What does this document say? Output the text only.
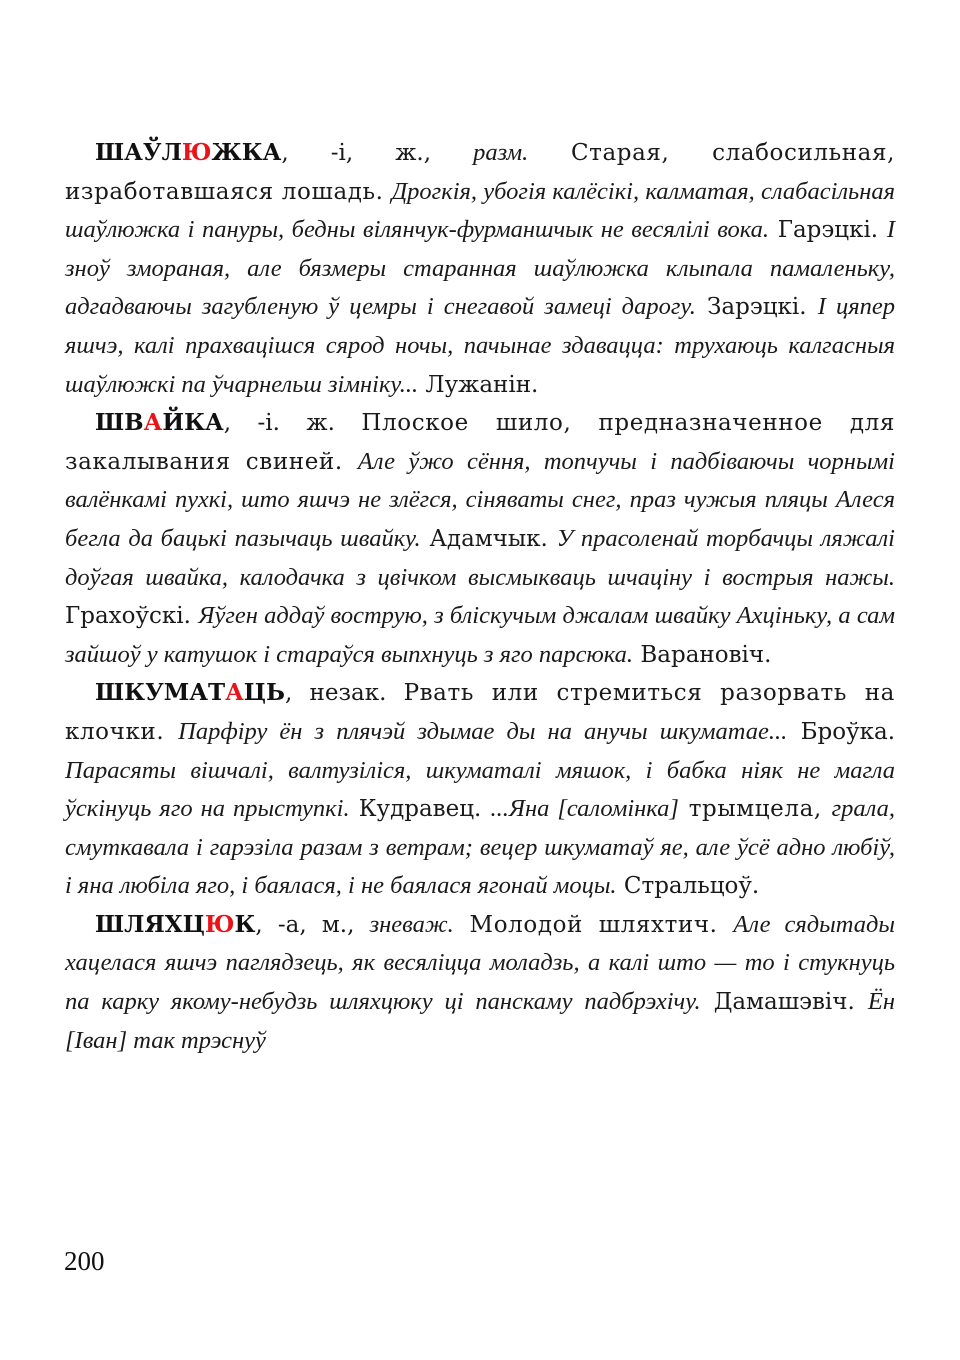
ШАЎЛЮЖКА, -і, ж., разм. Старая, слабосильная, изработавшаяся лошадь. Дрогкія, убогія калёсікі, калматая, слабасільная шаўлюжка і пануры, бедны вілянчук-фурманшчык не весялілі вока. Гарэцкі. І зноў змораная, але бязмеры старанная шаўлюжка клыпала памаленьку, адгадваючы загубленую ў цемры і снегавой замеці дарогу. Зарэцкі. І цяпер яшчэ, калі прахвацішся сярод ночы, пачынае здавацца: трухаюць калгасныя шаўлюжкі па ўчарнельш зімніку... Лужанін.

ШВАЙКА, -і. ж. Плоское шило, предназначенное для закалывания свиней. Але ўжо сёння, топчучы і падбіваючы чорнымі валёнкамі пухкі, што яшчэ не злёгся, сіняваты снег, праз чужыя пляцы Алеся бегла да бацькі пазычаць швайку. Адамчык. У прасоленай торбачцы ляжалі доўгая швайка, калодачка з цвічком высмыкваць шчаціну і вострыя нажы. Грахоўскі. Яўген аддаў вострую, з бліскучым джалам швайку Ахціньку, а сам зайшоў у катушок і стараўся выпхнуць з яго парсюка. Варановіч.

ШКУМАТАЦЬ, незак. Рвать или стремиться разорвать на клочки. Парфіру ён з плячэй здымае ды на анучы шкуматае... Броўка. Парасяты вішчалі, валтузіліся, шкуматалі мяшок, і бабка ніяк не магла ўскінуць яго на прыступкі. Кудравец. ...Яна [саломінка] трымцела, грала, смуткавала і гарэзіла разам з ветрам; вецер шкуматаў яе, але ўсё адно любіў, і яна любіла яго, і баялася, і не баялася ягонай моцы. Стральцоў.

ШЛЯХЦЮК, -а, м., зневаж. Молодой шляхтич. Але сядытады хацелася яшчэ паглядзець, як весяліцца моладзь, а калі што — то і стукнуць па карку якому-небудзь шляхцюку ці панскаму падбрэхічу. Дамашэвіч. Ён [Іван] так трэснуў

200
